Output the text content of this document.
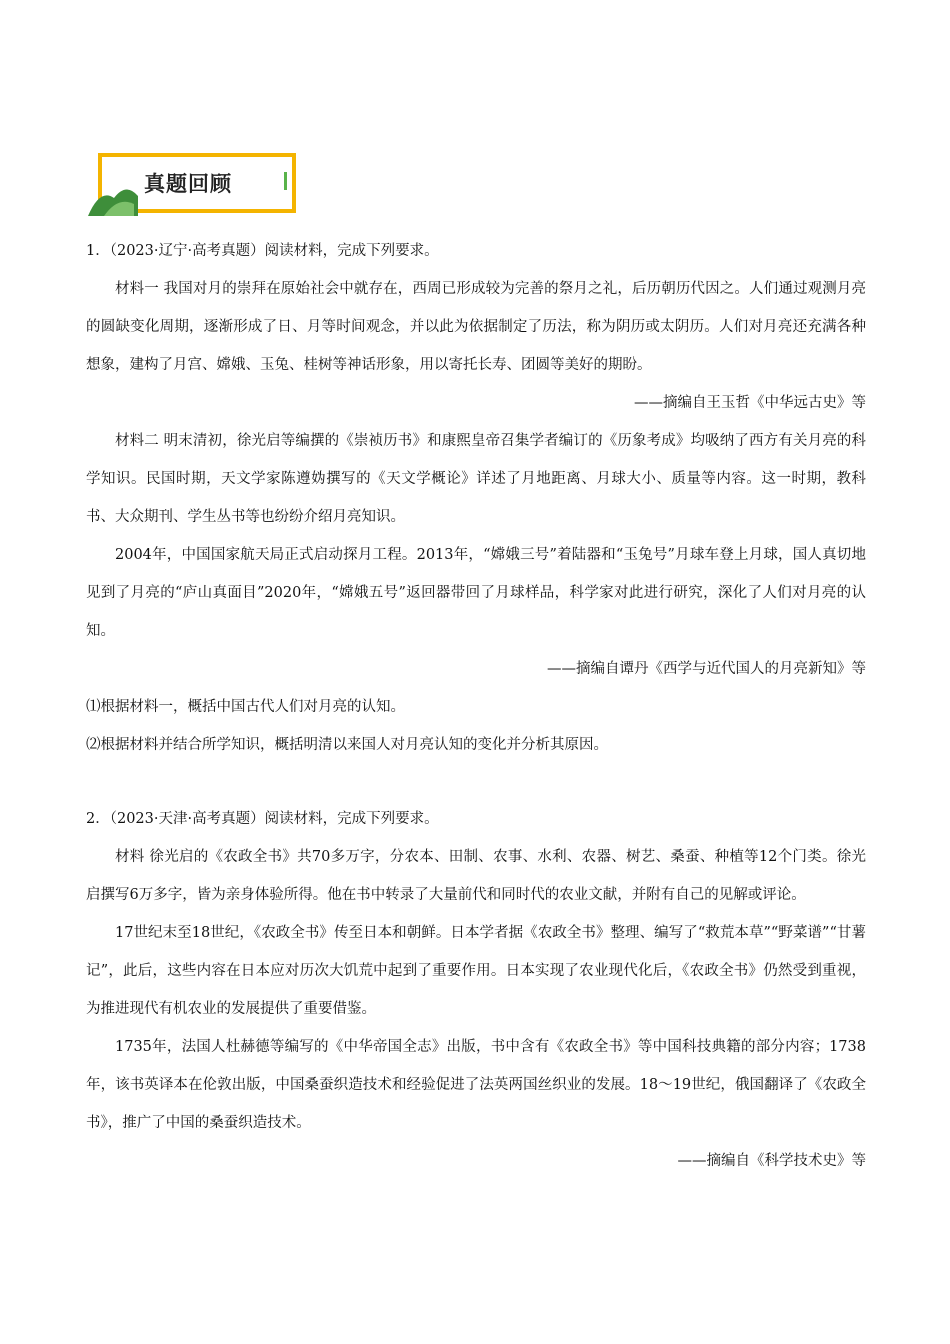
真题回顾

1．（2023·辽宁·高考真题）阅读材料，完成下列要求。

材料一 我国对月的崇拜在原始社会中就存在，西周已形成较为完善的祭月之礼，后历朝历代因之。人们通过观测月亮的圆缺变化周期，逐渐形成了日、月等时间观念，并以此为依据制定了历法，称为阴历或太阴历。人们对月亮还充满各种想象，建构了月宫、嫦娥、玉兔、桂树等神话形象，用以寄托长寿、团圆等美好的期盼。

——摘编自王玉哲《中华远古史》等

材料二 明末清初，徐光启等编撰的《崇祯历书》和康熙皇帝召集学者编订的《历象考成》均吸纳了西方有关月亮的科学知识。民国时期，天文学家陈遵妫撰写的《天文学概论》详述了月地距离、月球大小、质量等内容。这一时期，教科书、大众期刊、学生丛书等也纷纷介绍月亮知识。

2004年，中国国家航天局正式启动探月工程。2013年，“嫦娥三号”着陆器和“玉兔号”月球车登上月球，国人真切地见到了月亮的“庐山真面目”2020年，“嫦娥五号”返回器带回了月球样品，科学家对此进行研究，深化了人们对月亮的认知。

——摘编自谭丹《西学与近代国人的月亮新知》等

⑴根据材料一，概括中国古代人们对月亮的认知。

⑵根据材料并结合所学知识，概括明清以来国人对月亮认知的变化并分析其原因。

2．（2023·天津·高考真题）阅读材料，完成下列要求。

材料 徐光启的《农政全书》共70多万字，分农本、田制、农事、水利、农器、树艺、桑蚕、种植等12个门类。徐光启撰写6万多字，皆为亲身体验所得。他在书中转录了大量前代和同时代的农业文献，并附有自己的见解或评论。

17世纪末至18世纪，《农政全书》传至日本和朝鲜。日本学者据《农政全书》整理、编写了“救荒本草”“野菜谱”“甘薯记”，此后，这些内容在日本应对历次大饥荒中起到了重要作用。日本实现了农业现代化后，《农政全书》仍然受到重视，为推进现代有机农业的发展提供了重要借鉴。

1735年，法国人杜赫德等编写的《中华帝国全志》出版，书中含有《农政全书》等中国科技典籍的部分内容；1738年，该书英译本在伦敦出版，中国桑蚕织造技术和经验促进了法英两国丝织业的发展。18～19世纪，俄国翻译了《农政全书》，推广了中国的桑蚕织造技术。

——摘编自《科学技术史》等
